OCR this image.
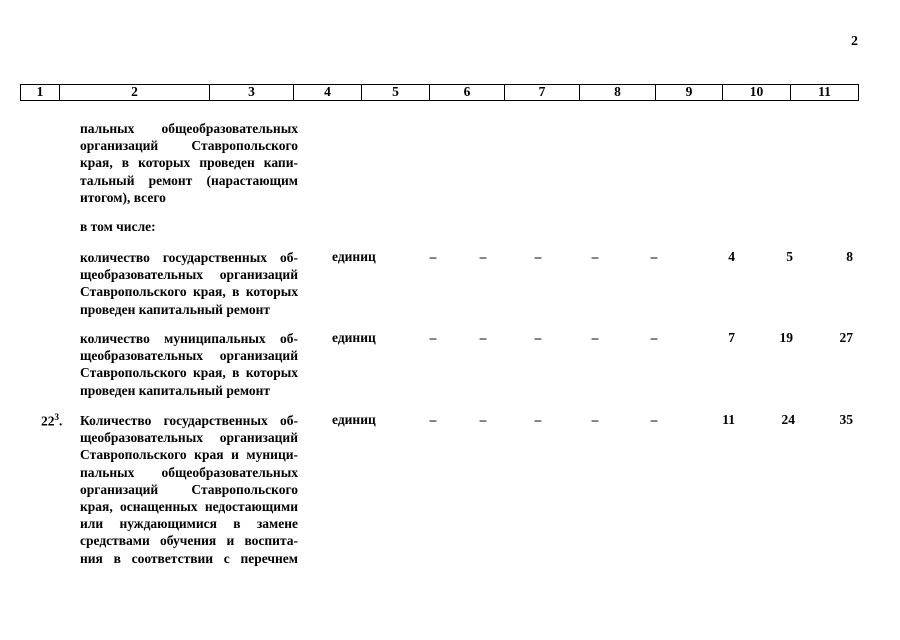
2
1	2	3	4	5	6	7	8	9	10	11
пальных общеобразовательных
организаций Ставропольского
края, в которых проведен капи-
тальный ремонт (нарастающим
итогом), всего
в том числе:
количество государственных об-
щеобразовательных организаций
Ставропольского края, в которых
проведен капитальный ремонт
единиц	–	–	–	–	–	4	5	8
количество муниципальных об-
щеобразовательных организаций
Ставропольского края, в которых
проведен капитальный ремонт
единиц	–	–	–	–	–	7	19	27
$22^3$. Количество государственных об-
щеобразовательных организаций
Ставропольского края и муници-
пальных общеобразовательных
организаций Ставропольского
края, оснащенных недостающими
или нуждающимися в замене
средствами обучения и воспита-
ния в соответствии с перечнем
единиц	–	–	–	–	–	11	24	35
